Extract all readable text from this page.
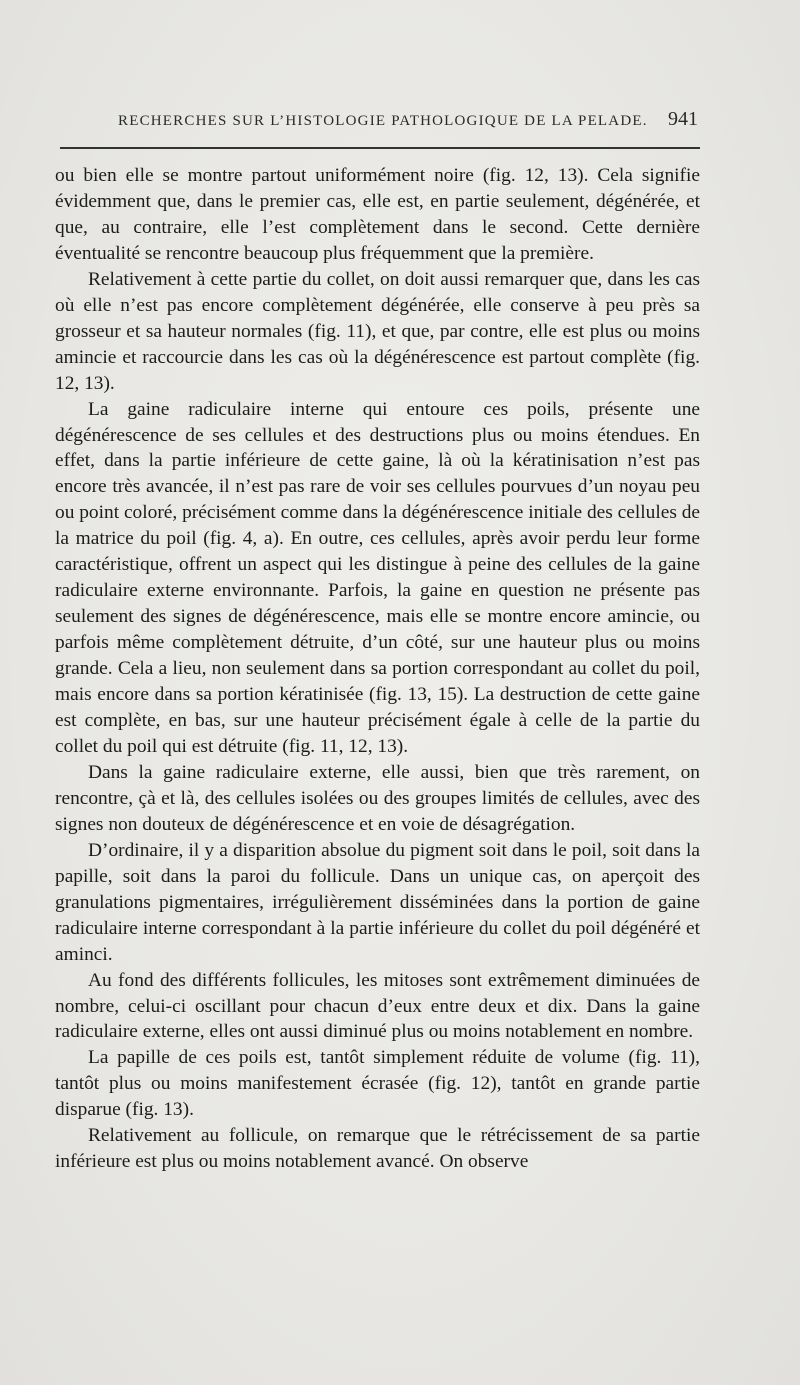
RECHERCHES SUR L’HISTOLOGIE PATHOLOGIQUE DE LA PELADE. 941

ou bien elle se montre partout uniformément noire (fig. 12, 13). Cela signifie évidemment que, dans le premier cas, elle est, en partie seulement, dégénérée, et que, au contraire, elle l’est complètement dans le second. Cette dernière éventualité se rencontre beaucoup plus fréquemment que la première.

Relativement à cette partie du collet, on doit aussi remarquer que, dans les cas où elle n’est pas encore complètement dégénérée, elle conserve à peu près sa grosseur et sa hauteur normales (fig. 11), et que, par contre, elle est plus ou moins amincie et raccourcie dans les cas où la dégénérescence est partout complète (fig. 12, 13).

La gaine radiculaire interne qui entoure ces poils, présente une dégénérescence de ses cellules et des destructions plus ou moins étendues. En effet, dans la partie inférieure de cette gaine, là où la kératinisation n’est pas encore très avancée, il n’est pas rare de voir ses cellules pourvues d’un noyau peu ou point coloré, précisément comme dans la dégénérescence initiale des cellules de la matrice du poil (fig. 4, a). En outre, ces cellules, après avoir perdu leur forme caractéristique, offrent un aspect qui les distingue à peine des cellules de la gaine radiculaire externe environnante. Parfois, la gaine en question ne présente pas seulement des signes de dégénérescence, mais elle se montre encore amincie, ou parfois même complètement détruite, d’un côté, sur une hauteur plus ou moins grande. Cela a lieu, non seulement dans sa portion correspondant au collet du poil, mais encore dans sa portion kératinisée (fig. 13, 15). La destruction de cette gaine est complète, en bas, sur une hauteur précisément égale à celle de la partie du collet du poil qui est détruite (fig. 11, 12, 13).

Dans la gaine radiculaire externe, elle aussi, bien que très rarement, on rencontre, çà et là, des cellules isolées ou des groupes limités de cellules, avec des signes non douteux de dégénérescence et en voie de désagrégation.

D’ordinaire, il y a disparition absolue du pigment soit dans le poil, soit dans la papille, soit dans la paroi du follicule. Dans un unique cas, on aperçoit des granulations pigmentaires, irrégulièrement disséminées dans la portion de gaine radiculaire interne correspondant à la partie inférieure du collet du poil dégénéré et aminci.

Au fond des différents follicules, les mitoses sont extrêmement diminuées de nombre, celui-ci oscillant pour chacun d’eux entre deux et dix. Dans la gaine radiculaire externe, elles ont aussi diminué plus ou moins notablement en nombre.

La papille de ces poils est, tantôt simplement réduite de volume (fig. 11), tantôt plus ou moins manifestement écrasée (fig. 12), tantôt en grande partie disparue (fig. 13).

Relativement au follicule, on remarque que le rétrécissement de sa partie inférieure est plus ou moins notablement avancé. On observe
